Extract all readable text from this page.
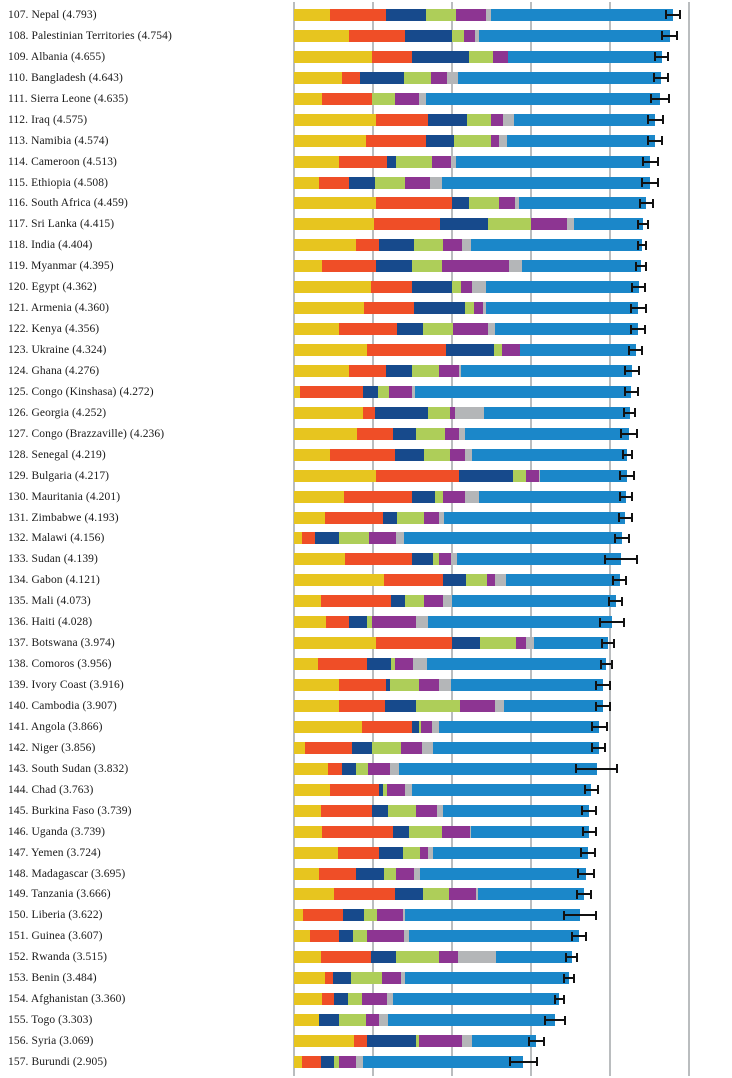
107. Nepal (4.793)
108. Palestinian Territories (4.754)
109. Albania (4.655)
110. Bangladesh (4.643)
111. Sierra Leone (4.635)
112. Iraq (4.575)
113. Namibia (4.574)
114. Cameroon (4.513)
115. Ethiopia (4.508)
116. South Africa (4.459)
117. Sri Lanka (4.415)
118. India (4.404)
119. Myanmar (4.395)
120. Egypt (4.362)
121. Armenia (4.360)
122. Kenya (4.356)
123. Ukraine (4.324)
124. Ghana (4.276)
125. Congo (Kinshasa) (4.272)
126. Georgia (4.252)
127. Congo (Brazzaville) (4.236)
128. Senegal (4.219)
129. Bulgaria (4.217)
130. Mauritania (4.201)
131. Zimbabwe (4.193)
132. Malawi (4.156)
133. Sudan (4.139)
134. Gabon (4.121)
135. Mali (4.073)
136. Haiti (4.028)
137. Botswana (3.974)
138. Comoros (3.956)
139. Ivory Coast (3.916)
140. Cambodia (3.907)
141. Angola (3.866)
142. Niger (3.856)
143. South Sudan (3.832)
144. Chad (3.763)
145. Burkina Faso (3.739)
146. Uganda (3.739)
147. Yemen (3.724)
148. Madagascar (3.695)
149. Tanzania (3.666)
150. Liberia (3.622)
151. Guinea (3.607)
152. Rwanda (3.515)
153. Benin (3.484)
154. Afghanistan (3.360)
155. Togo (3.303)
156. Syria (3.069)
157. Burundi (2.905)
